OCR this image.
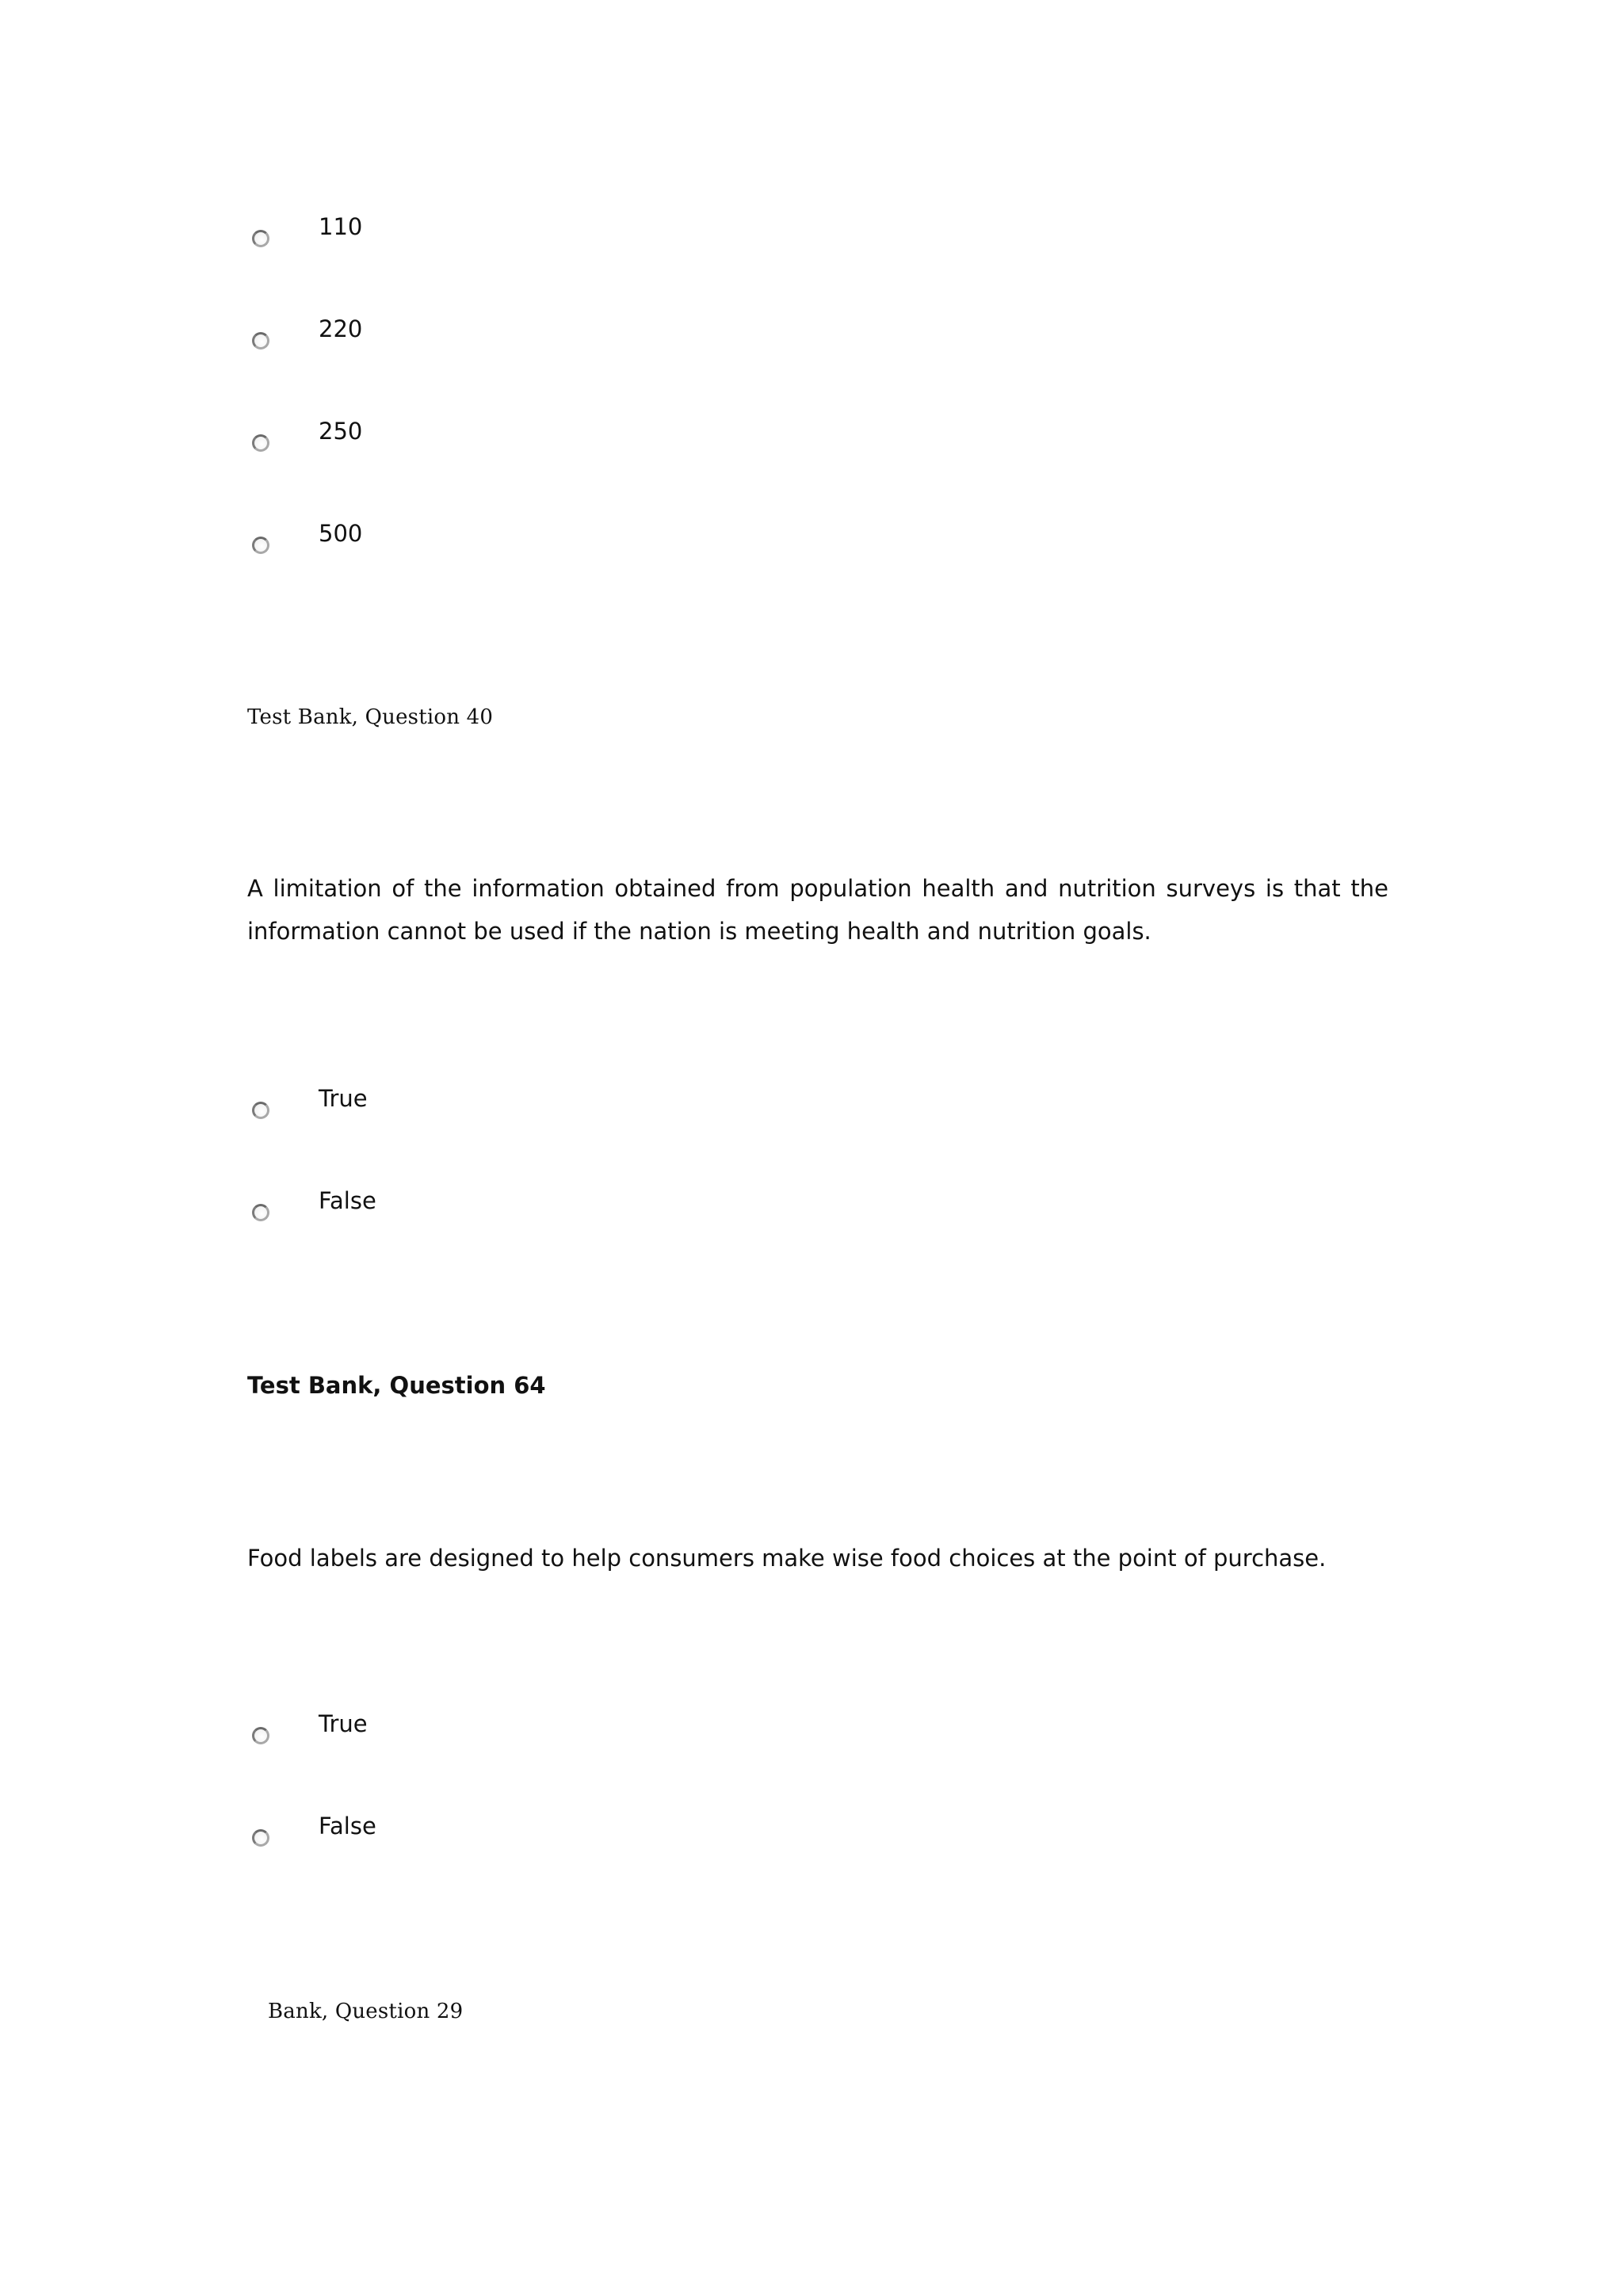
110
220
250
500
Test Bank, Question 40
A limitation of the information obtained from population health and nutrition surveys is that the information cannot be used if the nation is meeting health and nutrition goals.
True
False
Test Bank, Question 64
Food labels are designed to help consumers make wise food choices at the point of purchase.
True
False
Bank, Question 29
